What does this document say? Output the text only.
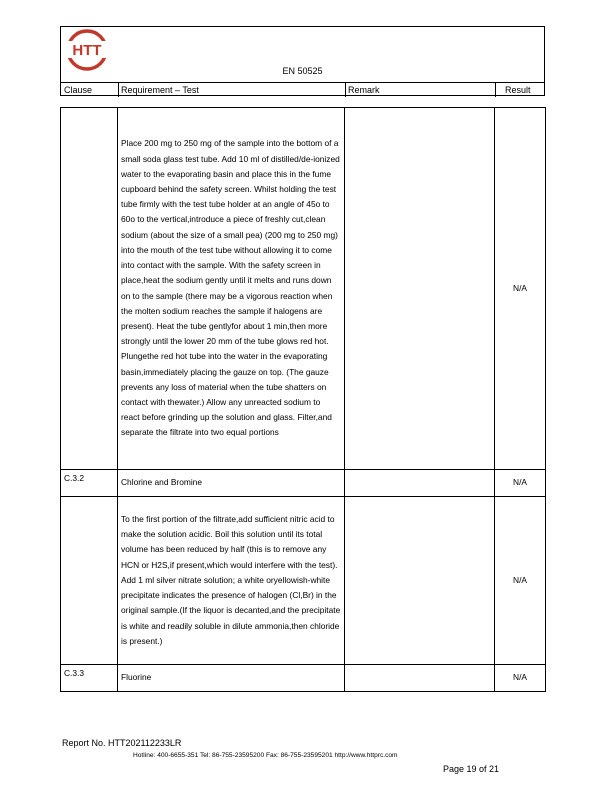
EN 50525
Clause	Requirement – Test	Remark	Result
HTT
	Place 200 mg to 250 mg of the sample into the bottom of a small soda glass test tube. Add 10 ml of distilled/de-ionized water to the evaporating basin and place this in the fume cupboard behind the safety screen. Whilst holding the test tube firmly with the test tube holder at an angle of 45o to 60o to the vertical,introduce a piece of freshly cut,clean sodium (about the size of a small pea) (200 mg to 250 mg) into the mouth of the test tube without allowing it to come into contact with the sample. With the safety screen in place,heat the sodium gently until it melts and runs down on to the sample (there may be a vigorous reaction when the molten sodium reaches the sample if halogens are present). Heat the tube gentlyfor about 1 min,then more strongly until the lower 20 mm of the tube glows red hot. Plungethe red hot tube into the water in the evaporating basin,immediately placing the gauze on top. (The gauze prevents any loss of material when the tube shatters on contact with thewater.) Allow any unreacted sodium to react before grinding up the solution and glass. Filter,and separate the filtrate into two equal portions		N/A
C.3.2	Chlorine and Bromine		N/A
	To the first portion of the filtrate,add sufficient nitric acid to make the solution acidic. Boil this solution until its total volume has been reduced by half (this is to remove any HCN or H2S,if present,which would interfere with the test). Add 1 ml silver nitrate solution; a white oryellowish-white precipitate indicates the presence of halogen (Cl,Br) in the original sample.(If the liquor is decanted,and the precipitate is white and readily soluble in dilute ammonia,then chloride is present.)		N/A
C.3.3	Fluorine		N/A
Report No. HTT202112233LR
Hotline: 400-6655-351 Tel: 86-755-23595200 Fax: 86-755-23595201 http://www.httprc.com
Page 19 of 21
